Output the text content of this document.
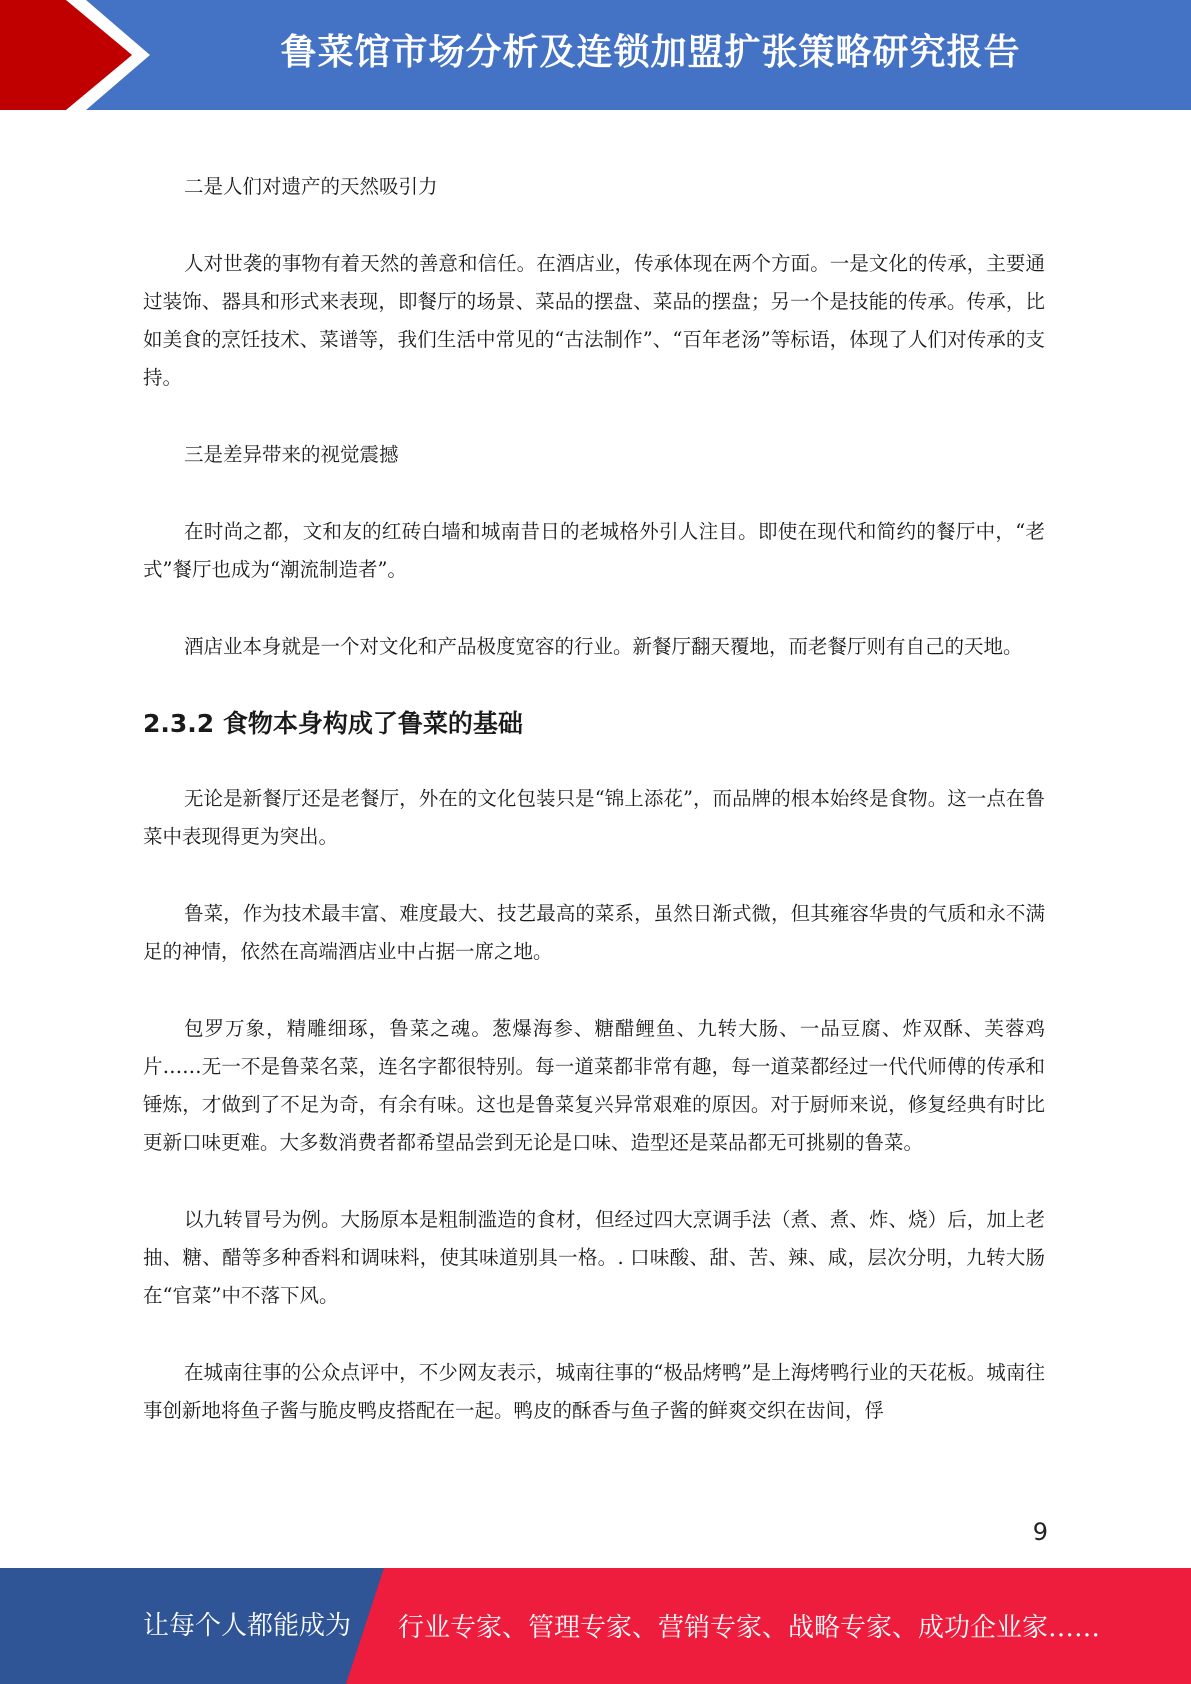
鲁菜馆市场分析及连锁加盟扩张策略研究报告

二是人们对遗产的天然吸引力

人对世袭的事物有着天然的善意和信任。在酒店业，传承体现在两个方面。一是文化的传承，主要通过装饰、器具和形式来表现，即餐厅的场景、菜品的摆盘、菜品的摆盘；另一个是技能的传承。传承，比如美食的烹饪技术、菜谱等，我们生活中常见的“古法制作”、“百年老汤”等标语，体现了人们对传承的支持。

三是差异带来的视觉震撼

在时尚之都，文和友的红砖白墙和城南昔日的老城格外引人注目。即使在现代和简约的餐厅中，“老式”餐厅也成为“潮流制造者”。

酒店业本身就是一个对文化和产品极度宽容的行业。新餐厅翻天覆地，而老餐厅则有自己的天地。

2.3.2 食物本身构成了鲁菜的基础

无论是新餐厅还是老餐厅，外在的文化包装只是“锦上添花”，而品牌的根本始终是食物。这一点在鲁菜中表现得更为突出。

鲁菜，作为技术最丰富、难度最大、技艺最高的菜系，虽然日渐式微，但其雍容华贵的气质和永不满足的神情，依然在高端酒店业中占据一席之地。

包罗万象，精雕细琢，鲁菜之魂。葱爆海参、糖醋鲤鱼、九转大肠、一品豆腐、炸双酥、芙蓉鸡片……无一不是鲁菜名菜，连名字都很特别。每一道菜都非常有趣，每一道菜都经过一代代师傅的传承和锤炼，才做到了不足为奇，有余有味。这也是鲁菜复兴异常艰难的原因。对于厨师来说，修复经典有时比更新口味更难。大多数消费者都希望品尝到无论是口味、造型还是菜品都无可挑剔的鲁菜。

以九转冒号为例。大肠原本是粗制滥造的食材，但经过四大烹调手法（煮、煮、炸、烧）后，加上老抽、糖、醋等多种香料和调味料，使其味道别具一格。. 口味酸、甜、苦、辣、咸，层次分明，九转大肠在“官菜”中不落下风。

在城南往事的公众点评中，不少网友表示，城南往事的“极品烤鸭”是上海烤鸭行业的天花板。城南往事创新地将鱼子酱与脆皮鸭皮搭配在一起。鸭皮的酥香与鱼子酱的鲜爽交织在齿间，俘

9
让每个人都能成为 行业专家、管理专家、营销专家、战略专家、成功企业家……
